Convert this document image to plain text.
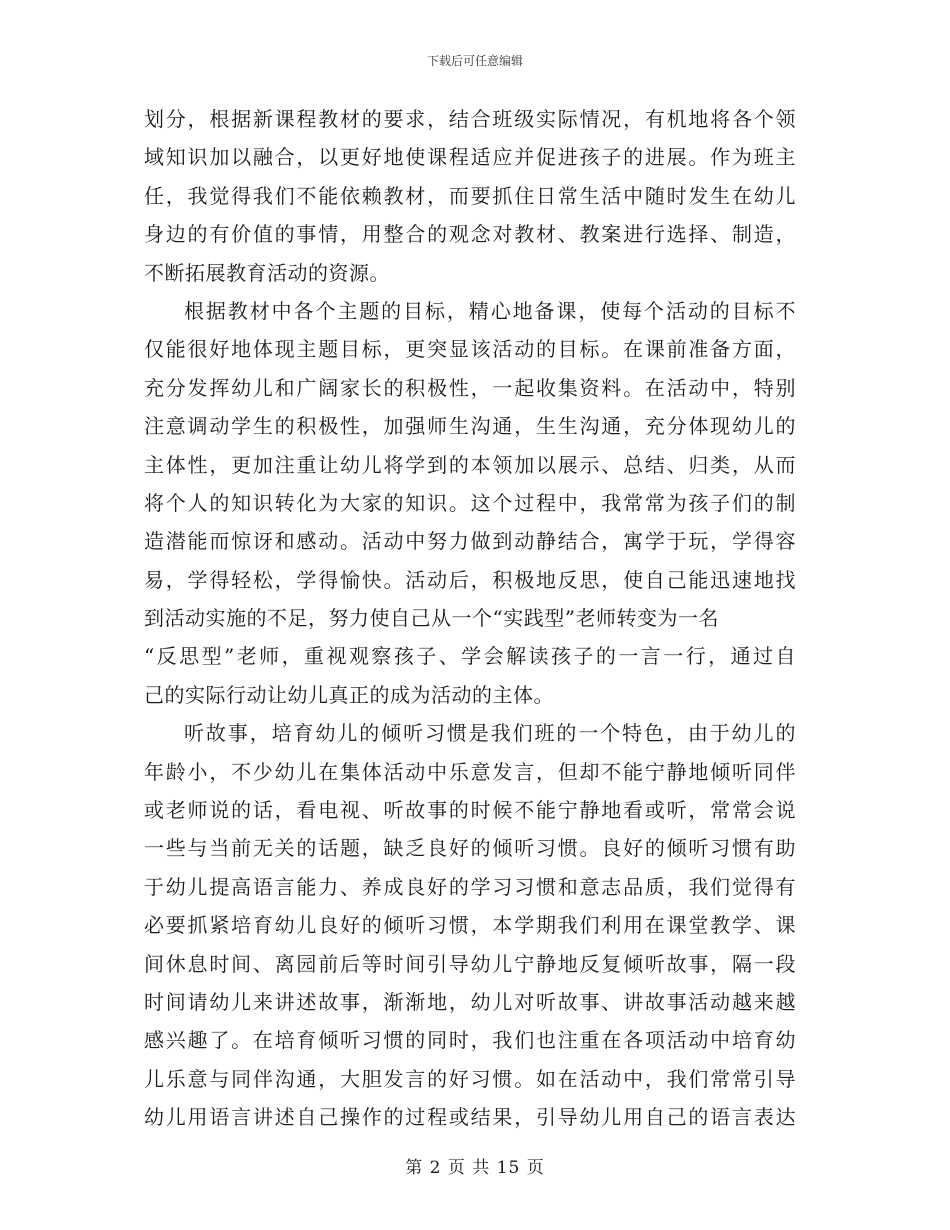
下载后可任意编辑
划分，根据新课程教材的要求，结合班级实际情况，有机地将各个领
域知识加以融合，以更好地使课程适应并促进孩子的进展。作为班主
任，我觉得我们不能依赖教材，而要抓住日常生活中随时发生在幼儿
身边的有价值的事情，用整合的观念对教材、教案进行选择、制造，
不断拓展教育活动的资源。
根据教材中各个主题的目标，精心地备课，使每个活动的目标不
仅能很好地体现主题目标，更突显该活动的目标。在课前准备方面，
充分发挥幼儿和广阔家长的积极性，一起收集资料。在活动中，特别
注意调动学生的积极性，加强师生沟通，生生沟通，充分体现幼儿的
主体性，更加注重让幼儿将学到的本领加以展示、总结、归类，从而
将个人的知识转化为大家的知识。这个过程中，我常常为孩子们的制
造潜能而惊讶和感动。活动中努力做到动静结合，寓学于玩，学得容
易，学得轻松，学得愉快。活动后，积极地反思，使自己能迅速地找
到活动实施的不足，努力使自己从一个“实践型”老师转变为一名
“反思型”老师，重视观察孩子、学会解读孩子的一言一行，通过自
己的实际行动让幼儿真正的成为活动的主体。
听故事，培育幼儿的倾听习惯是我们班的一个特色，由于幼儿的
年龄小，不少幼儿在集体活动中乐意发言，但却不能宁静地倾听同伴
或老师说的话，看电视、听故事的时候不能宁静地看或听，常常会说
一些与当前无关的话题，缺乏良好的倾听习惯。良好的倾听习惯有助
于幼儿提高语言能力、养成良好的学习习惯和意志品质，我们觉得有
必要抓紧培育幼儿良好的倾听习惯，本学期我们利用在课堂教学、课
间休息时间、离园前后等时间引导幼儿宁静地反复倾听故事，隔一段
时间请幼儿来讲述故事，渐渐地，幼儿对听故事、讲故事活动越来越
感兴趣了。在培育倾听习惯的同时，我们也注重在各项活动中培育幼
儿乐意与同伴沟通，大胆发言的好习惯。如在活动中，我们常常引导
幼儿用语言讲述自己操作的过程或结果，引导幼儿用自己的语言表达
第 2 页 共 15 页
